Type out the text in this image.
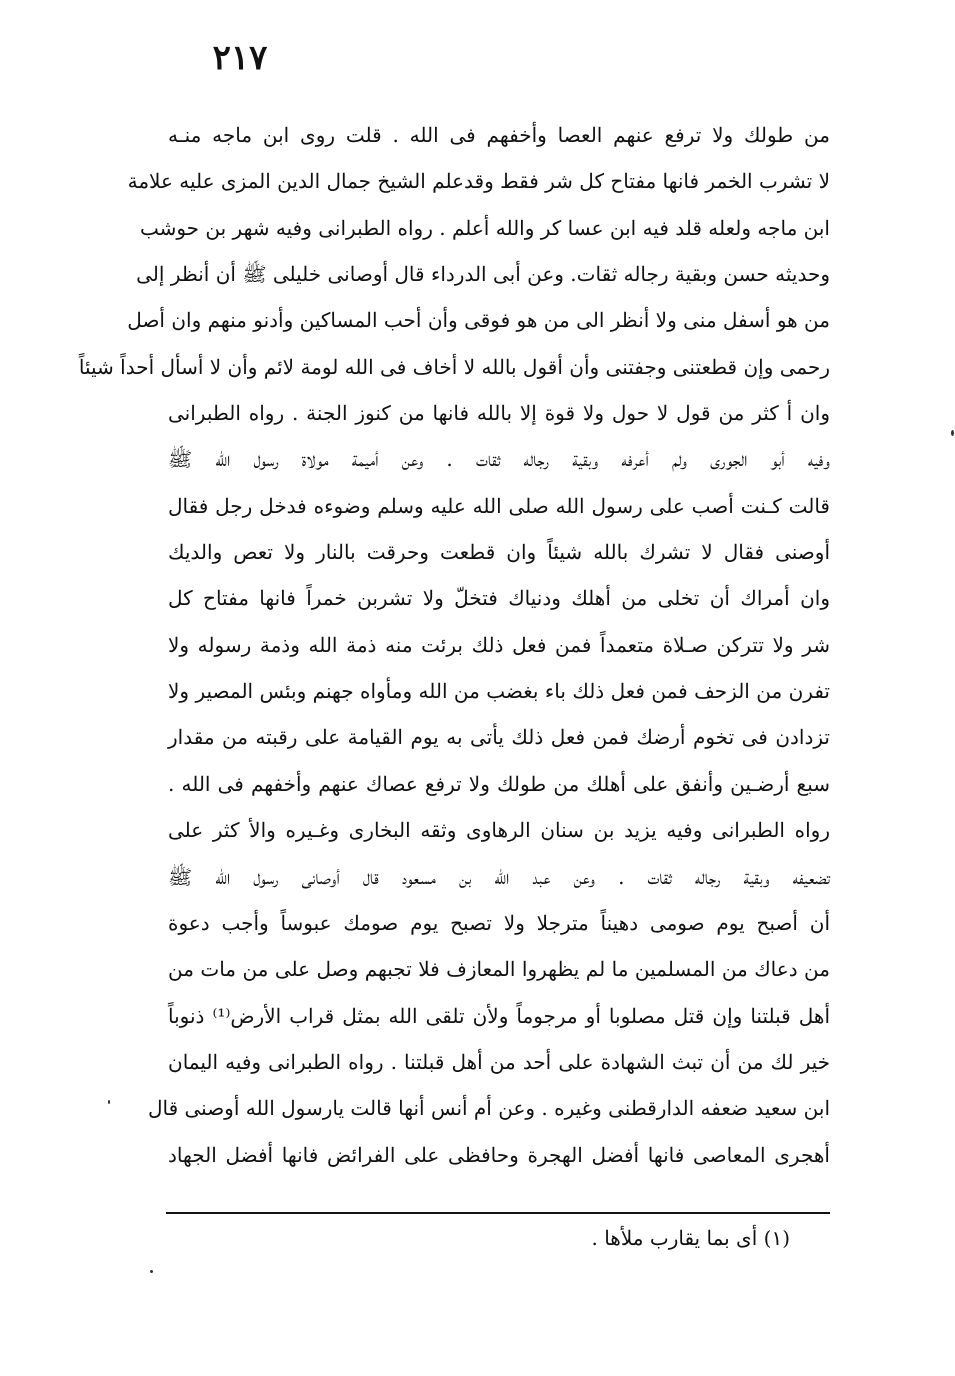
٢١٧
من طولك ولا ترفع عنهم العصا وأخفهم فى الله . قلت روى ابن ماجه منـه
لا تشرب الخمر فانها مفتاح كل شر فقط وقدعلم الشيخ جمال الدين المزى عليه علامة
ابن ماجه ولعله قلد فيه ابن عسا كر والله أعلم . رواه الطبرانى وفيه شهر بن حوشب
وحديثه حسن وبقية رجاله ثقات. وعن أبى الدرداء قال أوصانى خليلى ﷺ أن أنظر إلى
من هو أسفل منى ولا أنظر الى من هو فوقى وأن أحب المساكين وأدنو منهم وان أصل
رحمى وإن قطعتنى وجفتنى وأن أقول بالله لا أخاف فى الله لومة لائم وأن لا أسأل أحداً شيئاً
وان أ كثر من قول لا حول ولا قوة إلا بالله فانها من كنوز الجنة . رواه الطبرانى
وفيه أبو الجورى ولم أعرفه وبقية رجاله ثقات . وعن أميمة مولاة رسول الله ﷺ
قالت كـنت أصب على رسول الله صلى الله عليه وسلم وضوءه فدخل رجل فقال
أوصنى فقال لا تشرك بالله شيئاً وان قطعت وحرقت بالنار ولا تعص والديك
وان أمراك أن تخلى من أهلك ودنياك فتخلّ ولا تشربن خمراً فانها مفتاح كل
شر ولا تتركن صـلاة متعمداً فمن فعل ذلك برئت منه ذمة الله وذمة رسوله ولا
تفرن من الزحف فمن فعل ذلك باء بغضب من الله ومأواه جهنم وبئس المصير ولا
تزدادن فى تخوم أرضك فمن فعل ذلك يأتى به يوم القيامة على رقبته من مقدار
سبع أرضـين وأنفق على أهلك من طولك ولا ترفع عصاك عنهم وأخفهم فى الله .
رواه الطبرانى وفيه يزيد بن سنان الرهاوى وثقه البخارى وغـيره والأ كثر على
تضعيفه وبقية رجاله ثقات . وعن عبد الله بن مسعود قال أوصانى رسول الله ﷺ
أن أصبح يوم صومى دهيناً مترجلا ولا تصبح يوم صومك عبوساً وأجب دعوة
من دعاك من المسلمين ما لم يظهروا المعازف فلا تجبهم وصل على من مات من
أهل قبلتنا وإن قتل مصلوبا أو مرجوماً ولأن تلقى الله بمثل قراب الأرض⁽¹⁾ ذنوباً
خير لك من أن تبث الشهادة على أحد من أهل قبلتنا . رواه الطبرانى وفيه اليمان
ابن سعيد ضعفه الدارقطنى وغيره . وعن أم أنس أنها قالت يارسول الله أوصنى قال
أهجرى المعاصى فانها أفضل الهجرة وحافظى على الفرائض فانها أفضل الجهاد
(١) أى بما يقارب ملأها .
